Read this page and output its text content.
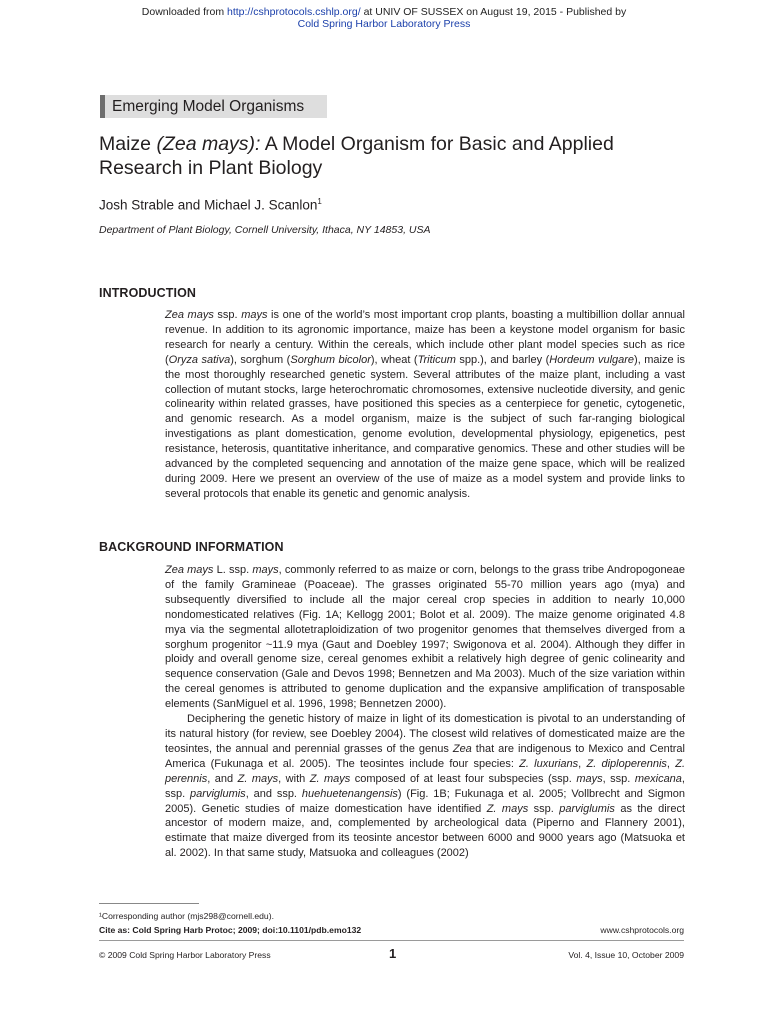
Downloaded from http://cshprotocols.cshlp.org/ at UNIV OF SUSSEX on August 19, 2015 - Published by
Cold Spring Harbor Laboratory Press
Emerging Model Organisms
Maize (Zea mays): A Model Organism for Basic and Applied Research in Plant Biology
Josh Strable and Michael J. Scanlon$^1$
Department of Plant Biology, Cornell University, Ithaca, NY 14853, USA
INTRODUCTION

Zea mays ssp. mays is one of the world’s most important crop plants, boasting a multibillion dollar annual revenue. In addition to its agronomic importance, maize has been a keystone model organism for basic research for nearly a century. Within the cereals, which include other plant model species such as rice (Oryza sativa), sorghum (Sorghum bicolor), wheat (Triticum spp.), and barley (Hordeum vulgare), maize is the most thoroughly researched genetic system. Several attributes of the maize plant, including a vast collection of mutant stocks, large heterochromatic chromosomes, extensive nucleotide diversity, and genic colinearity within related grasses, have positioned this species as a centerpiece for genetic, cytogenetic, and genomic research. As a model organism, maize is the subject of such far-ranging biological investigations as plant domestication, genome evolution, developmental physiology, epigenetics, pest resistance, heterosis, quantitative inheritance, and comparative genomics. These and other studies will be advanced by the completed sequencing and annotation of the maize gene space, which will be realized during 2009. Here we present an overview of the use of maize as a model system and provide links to several protocols that enable its genetic and genomic analysis.

BACKGROUND INFORMATION

Zea mays L. ssp. mays, commonly referred to as maize or corn, belongs to the grass tribe Andropogoneae of the family Gramineae (Poaceae). The grasses originated 55-70 million years ago (mya) and subsequently diversified to include all the major cereal crop species in addition to nearly 10,000 nondomesticated relatives (Fig. 1A; Kellogg 2001; Bolot et al. 2009). The maize genome originated 4.8 mya via the segmental allotetraploidization of two progenitor genomes that themselves diverged from a sorghum progenitor ~11.9 mya (Gaut and Doebley 1997; Swigonova et al. 2004). Although they differ in ploidy and overall genome size, cereal genomes exhibit a relatively high degree of genic colinearity and sequence conservation (Gale and Devos 1998; Bennetzen and Ma 2003). Much of the size variation within the cereal genomes is attributed to genome duplication and the expansive amplification of transposable elements (SanMiguel et al. 1996, 1998; Bennetzen 2000).

Deciphering the genetic history of maize in light of its domestication is pivotal to an understanding of its natural history (for review, see Doebley 2004). The closest wild relatives of domesticated maize are the teosintes, the annual and perennial grasses of the genus Zea that are indigenous to Mexico and Central America (Fukunaga et al. 2005). The teosintes include four species: Z. luxurians, Z. diploperennis, Z. perennis, and Z. mays, with Z. mays composed of at least four subspecies (ssp. mays, ssp. mexicana, ssp. parviglumis, and ssp. huehuetenangensis) (Fig. 1B; Fukunaga et al. 2005; Vollbrecht and Sigmon 2005). Genetic studies of maize domestication have identified Z. mays ssp. parviglumis as the direct ancestor of modern maize, and, complemented by archeological data (Piperno and Flannery 2001), estimate that maize diverged from its teosinte ancestor between 6000 and 9000 years ago (Matsuoka et al. 2002). In that same study, Matsuoka and colleagues (2002)

¹Corresponding author (mjs298@cornell.edu).
Cite as: Cold Spring Harb Protoc; 2009; doi:10.1101/pdb.emo132	www.cshprotocols.org
© 2009 Cold Spring Harbor Laboratory Press	1	Vol. 4, Issue 10, October 2009
